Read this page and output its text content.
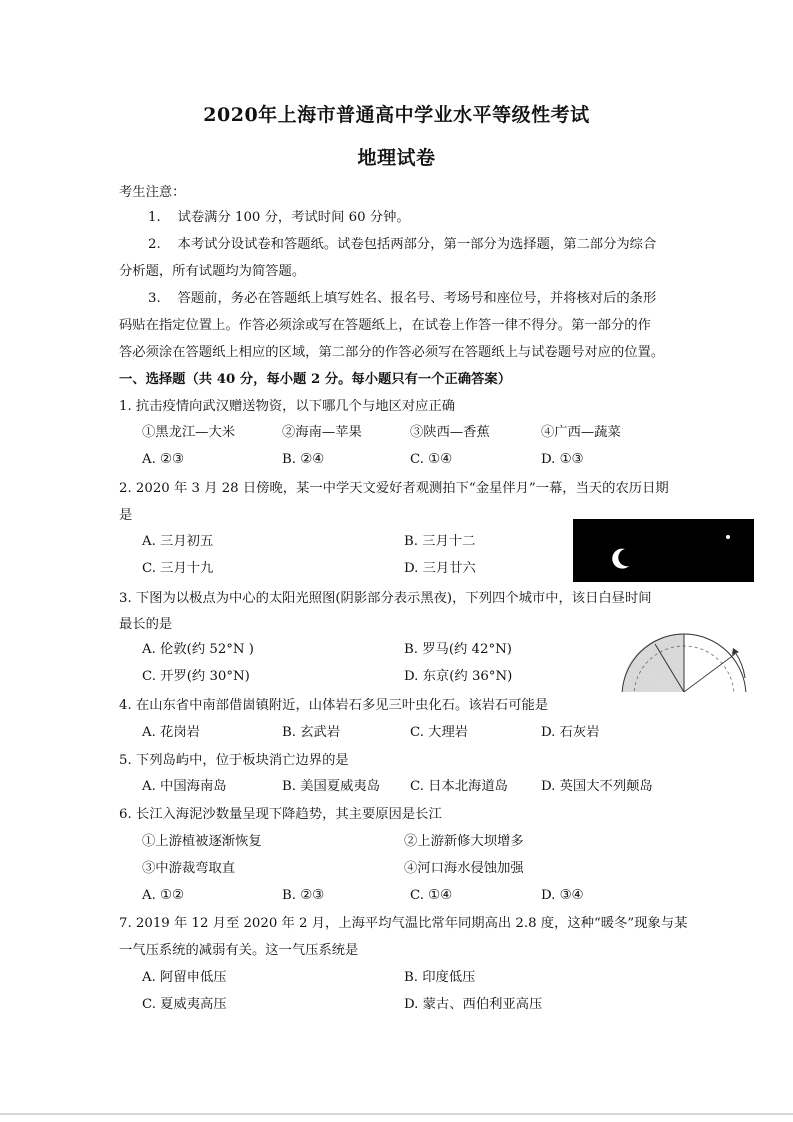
2020年上海市普通高中学业水平等级性考试
地理试卷
考生注意：
1.    试卷满分 100 分，考试时间 60 分钟。
2.    本考试分设试卷和答题纸。试卷包括两部分，第一部分为选择题，第二部分为综合
分析题，所有试题均为简答题。
3.    答题前，务必在答题纸上填写姓名、报名号、考场号和座位号，并将核对后的条形
码贴在指定位置上。作答必须涂或写在答题纸上，在试卷上作答一律不得分。第一部分的作
答必须涂在答题纸上相应的区域，第二部分的作答必须写在答题纸上与试卷题号对应的位置。
一、选择题（共 40 分，每小题 2 分。每小题只有一个正确答案）
1. 抗击疫情向武汉赠送物资，以下哪几个与地区对应正确
①黑龙江—大米	②海南—苹果	③陕西—香蕉	④广西—蔬菜
A. ②③	B. ②④	C. ①④	D. ①③
2. 2020 年 3 月 28 日傍晚，某一中学天文爱好者观测拍下“金星伴月”一幕，当天的农历日期
是
A. 三月初五	B. 三月十二
C. 三月十九	D. 三月廿六
3. 下图为以极点为中心的太阳光照图(阴影部分表示黑夜)，下列四个城市中，该日白昼时间
最长的是
A. 伦敦(约 52°N )	B. 罗马(约 42°N)
C. 开罗(约 30°N)	D. 东京(约 36°N)
4. 在山东省中南部借崮镇附近，山体岩石多见三叶虫化石。该岩石可能是
A. 花岗岩	B. 玄武岩	C. 大理岩	D. 石灰岩
5. 下列岛屿中，位于板块消亡边界的是
A. 中国海南岛	B. 美国夏威夷岛 C. 日本北海道岛 D. 英国大不列颠岛
6. 长江入海泥沙数量呈现下降趋势，其主要原因是长江
①上游植被逐渐恢复	②上游新修大坝增多
③中游裁弯取直	④河口海水侵蚀加强
A. ①②	B. ②③	C. ①④	D. ③④
7. 2019 年 12 月至 2020 年 2 月，上海平均气温比常年同期高出 2.8 度，这种“暖冬”现象与某
一气压系统的减弱有关。这一气压系统是
A. 阿留申低压	B. 印度低压
C. 夏威夷高压	D. 蒙古、西伯利亚高压
